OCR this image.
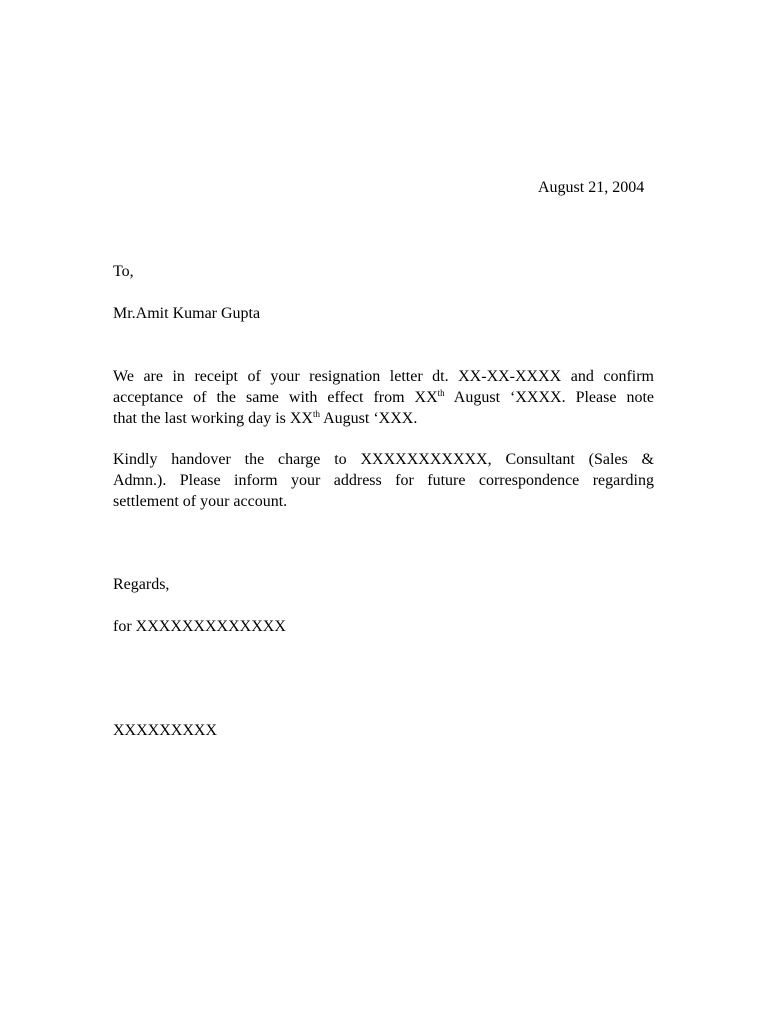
August 21, 2004
To,
Mr.Amit Kumar Gupta
We are in receipt of your resignation letter dt. XX-XX-XXXX and confirm
acceptance of the same with effect from XXth August ‘XXXX. Please note
that the last working day is XXth August ‘XXX.
Kindly handover the charge to XXXXXXXXXXX, Consultant (Sales &
Admn.). Please inform your address for future correspondence regarding
settlement of your account.
Regards,
for XXXXXXXXXXXXX
XXXXXXXXX
